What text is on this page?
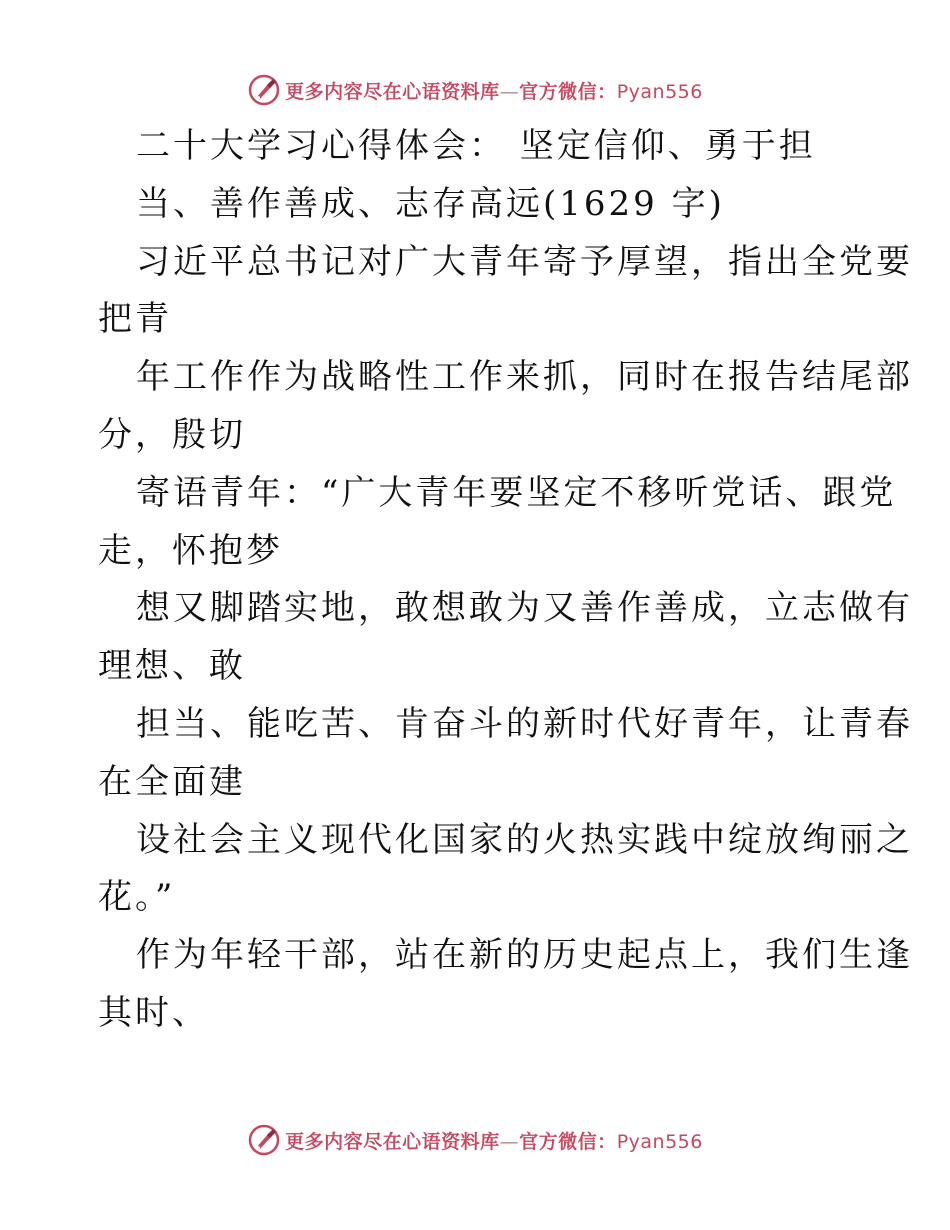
更多内容尽在心语资料库—官方微信：Pyan556
二十大学习心得体会： 坚定信仰、勇于担
当、善作善成、志存高远(1629 字)
习近平总书记对广大青年寄予厚望，指出全党要
把青
年工作作为战略性工作来抓，同时在报告结尾部
分，殷切
寄语青年：“广大青年要坚定不移听党话、跟党
走，怀抱梦
想又脚踏实地，敢想敢为又善作善成，立志做有
理想、敢
担当、能吃苦、肯奋斗的新时代好青年，让青春
在全面建
设社会主义现代化国家的火热实践中绽放绚丽之
花。”
作为年轻干部，站在新的历史起点上，我们生逢
其时、
更多内容尽在心语资料库—官方微信：Pyan556
